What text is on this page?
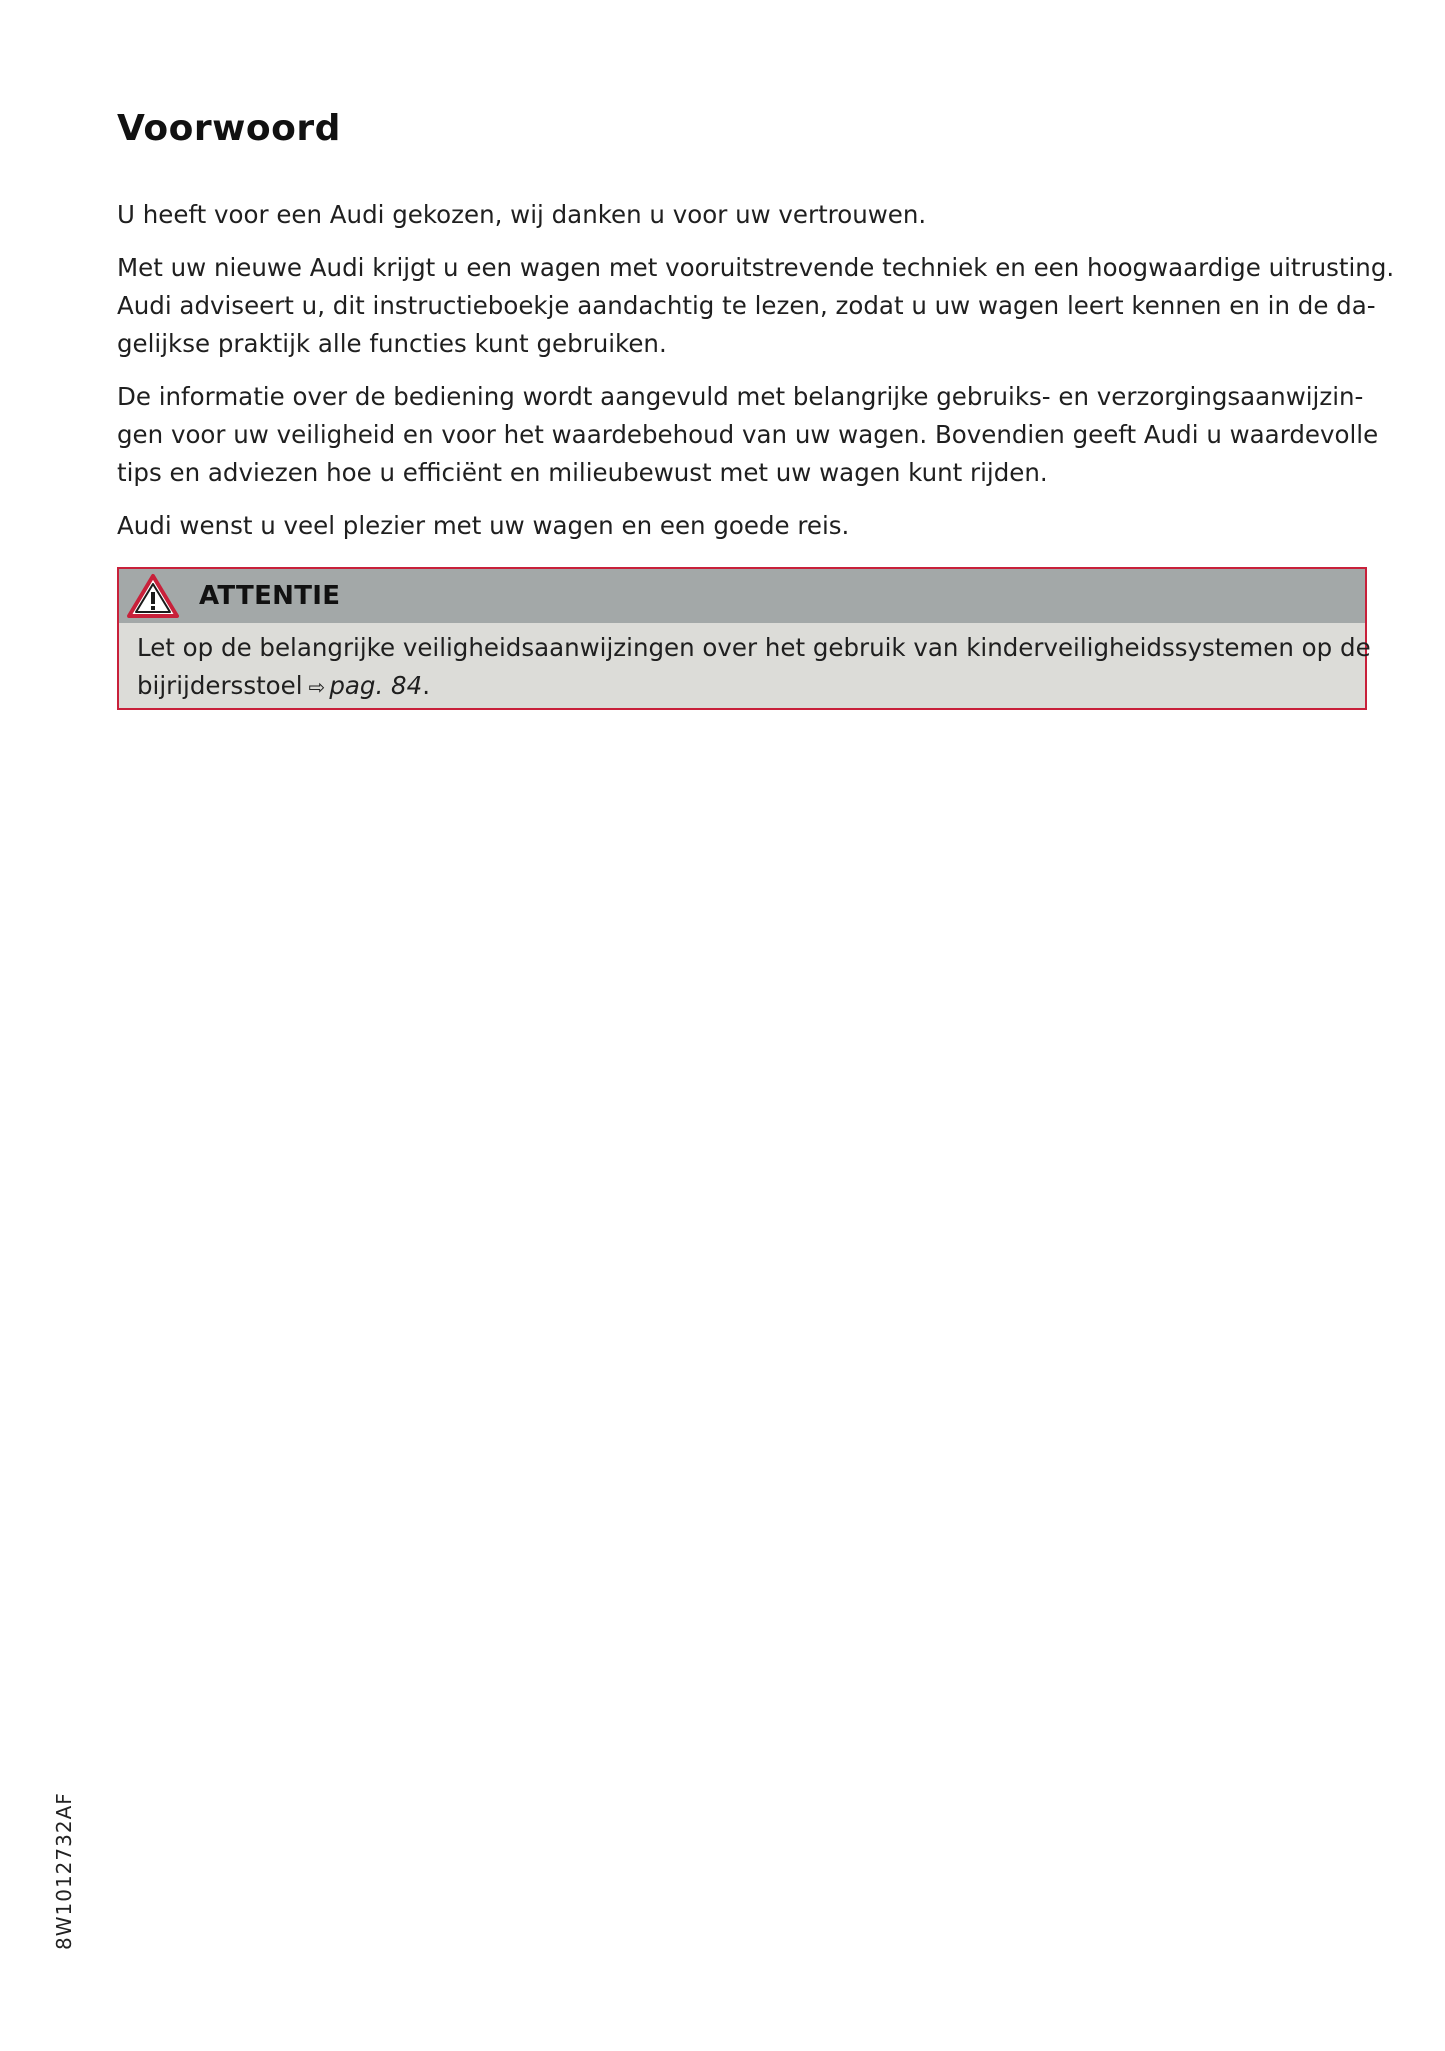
Voorwoord

U heeft voor een Audi gekozen, wij danken u voor uw vertrouwen.

Met uw nieuwe Audi krijgt u een wagen met vooruitstrevende techniek en een hoogwaardige uitrusting.
Audi adviseert u, dit instructieboekje aandachtig te lezen, zodat u uw wagen leert kennen en in de da-
gelijkse praktijk alle functies kunt gebruiken.

De informatie over de bediening wordt aangevuld met belangrijke gebruiks- en verzorgingsaanwijzin-
gen voor uw veiligheid en voor het waardebehoud van uw wagen. Bovendien geeft Audi u waardevolle
tips en adviezen hoe u efficiënt en milieubewust met uw wagen kunt rijden.

Audi wenst u veel plezier met uw wagen en een goede reis.

ATTENTIE
Let op de belangrijke veiligheidsaanwijzingen over het gebruik van kinderveiligheidssystemen op de
bijrijdersstoel ⇨ pag. 84.
8W1012732AF
